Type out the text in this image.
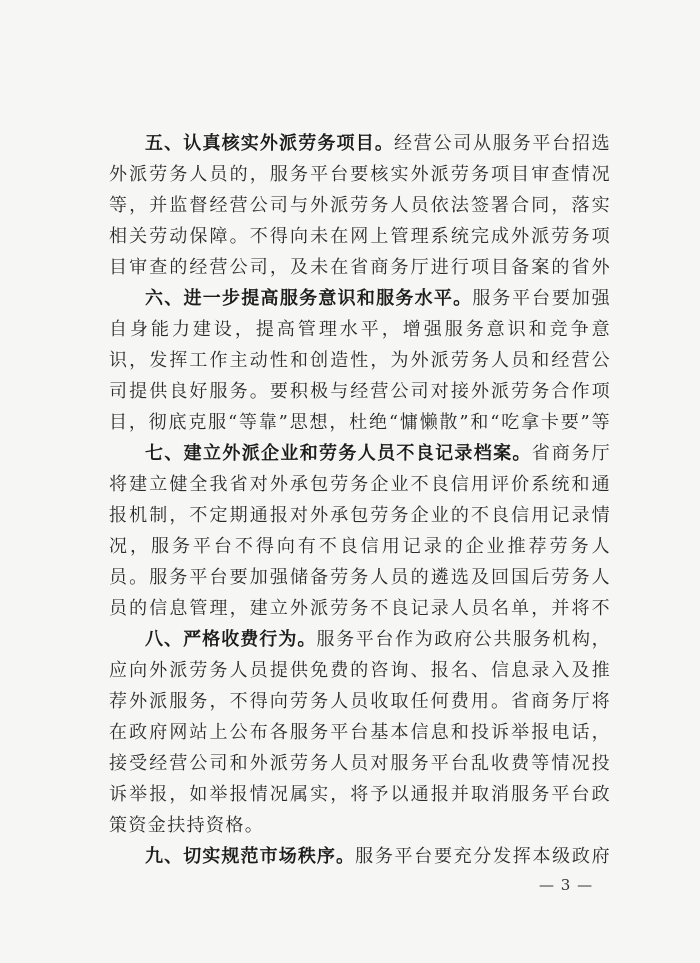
五、认真核实外派劳务项目。经营公司从服务平台招选外派劳务人员的，服务平台要核实外派劳务项目审查情况等，并监督经营公司与外派劳务人员依法签署合同，落实相关劳动保障。不得向未在网上管理系统完成外派劳务项目审查的经营公司，及未在省商务厅进行项目备案的省外

六、进一步提高服务意识和服务水平。服务平台要加强自身能力建设，提高管理水平，增强服务意识和竞争意识，发挥工作主动性和创造性，为外派劳务人员和经营公司提供良好服务。要积极与经营公司对接外派劳务合作项目，彻底克服“等靠”思想，杜绝“慵懒散”和“吃拿卡要”等

七、建立外派企业和劳务人员不良记录档案。省商务厅将建立健全我省对外承包劳务企业不良信用评价系统和通报机制，不定期通报对外承包劳务企业的不良信用记录情况，服务平台不得向有不良信用记录的企业推荐劳务人员。服务平台要加强储备劳务人员的遴选及回国后劳务人员的信息管理，建立外派劳务不良记录人员名单，并将不

八、严格收费行为。服务平台作为政府公共服务机构，应向外派劳务人员提供免费的咨询、报名、信息录入及推荐外派服务，不得向劳务人员收取任何费用。省商务厅将在政府网站上公布各服务平台基本信息和投诉举报电话，接受经营公司和外派劳务人员对服务平台乱收费等情况投诉举报，如举报情况属实，将予以通报并取消服务平台政策资金扶持资格。

九、切实规范市场秩序。服务平台要充分发挥本级政府

— 3 —
